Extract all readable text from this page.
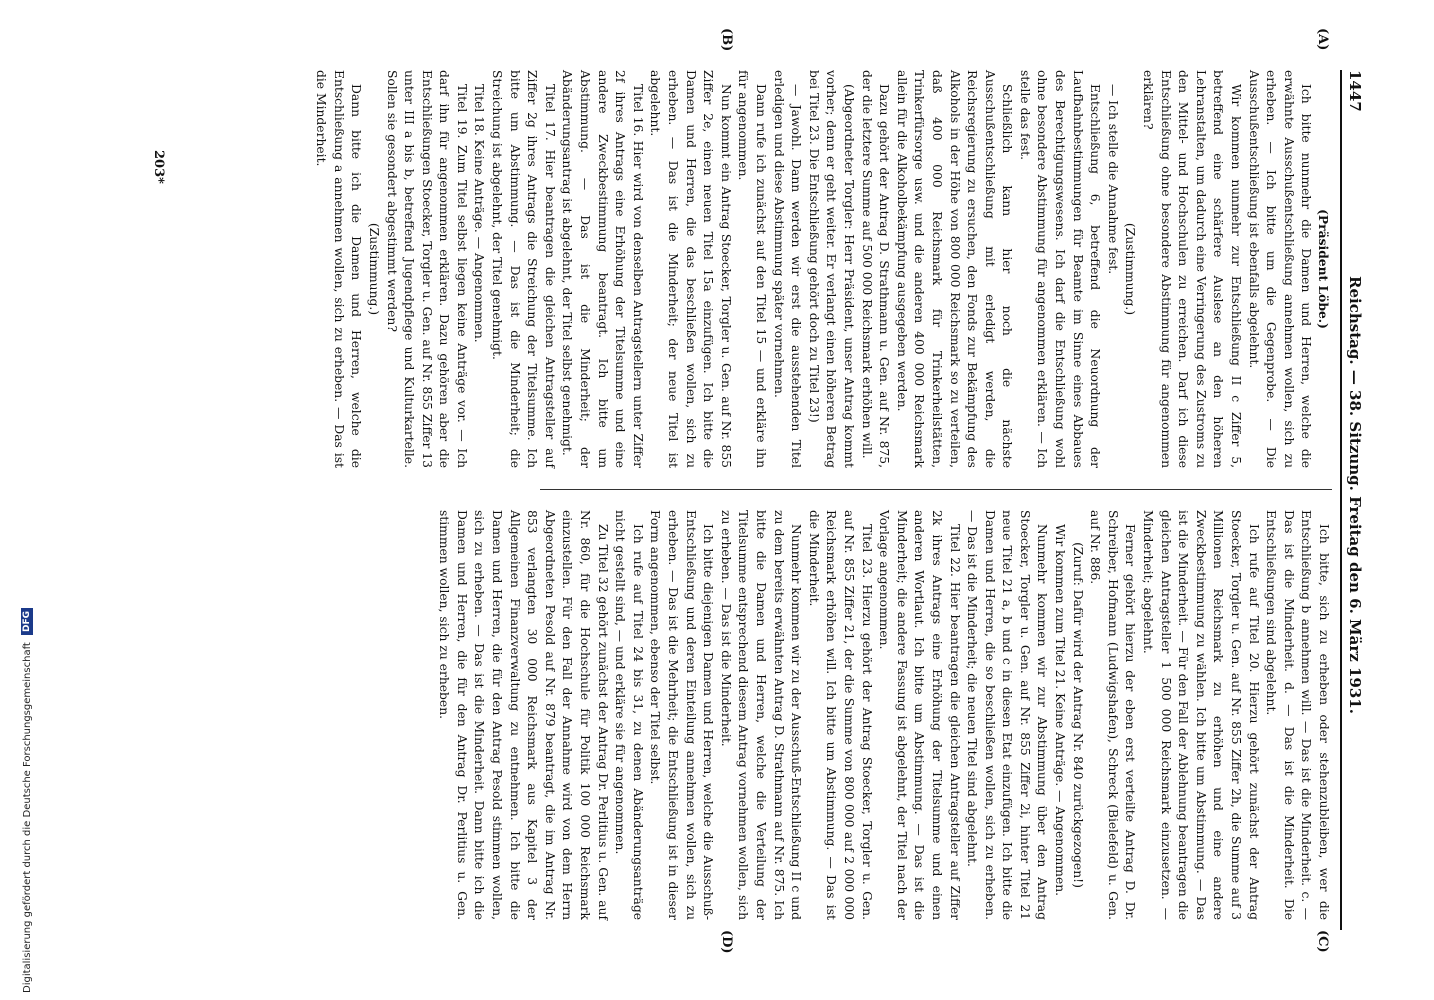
1447
Reichstag. — 38. Sitzung. Freitag den 6. März 1931.
(A)
(B)
(C)
(D)

(Präsident Löbe.)

Ich bitte nunmehr die Damen und Herren, welche die erwähnte Ausschußentschließung annehmen wollen, sich zu erheben. — Ich bitte um die Gegenprobe. — Die Ausschußentschließung ist ebenfalls abgelehnt.

Wir kommen nunmehr zur Entschließung II c Ziffer 5, betreffend eine schärfere Auslese an den höheren Lehranstalten, um dadurch eine Verringerung des Zustroms zu den Mittel- und Hochschulen zu erreichen. Darf ich diese Entschließung ohne besondere Abstimmung für angenommen erklären?

(Zustimmung.)

— Ich stelle die Annahme fest.

Entschließung 6, betreffend die Neuordnung der Laufbahnbestimmungen für Beamte im Sinne eines Abbaues des Berechtigungswesens. Ich darf die Entschließung wohl ohne besondere Abstimmung für angenommen erklären. — Ich stelle das fest.

Schließlich kann hier noch die nächste Ausschußentschließung mit erledigt werden, die Reichsregierung zu ersuchen, den Fonds zur Bekämpfung des Alkohols in der Höhe von 800 000 Reichsmark so zu verteilen, daß 400 000 Reichsmark für Trinkerheilstätten, Trinkerfürsorge usw. und die anderen 400 000 Reichsmark allein für die Alkoholbekämpfung ausgegeben werden.

Dazu gehört der Antrag D. Strathmann u. Gen. auf Nr. 875, der die letztere Summe auf 500 000 Reichsmark erhöhen will.

(Abgeordneter Torgler: Herr Präsident, unser Antrag kommt vorher; denn er geht weiter. Er verlangt einen höheren Betrag bei Titel 23. Die Entschließung gehört doch zu Titel 23!)

— Jawohl. Dann werden wir erst die ausstehenden Titel erledigen und diese Abstimmung später vornehmen.

Dann rufe ich zunächst auf den Titel 15 — und erkläre ihn für angenommen.

Nun kommt ein Antrag Stoecker, Torgler u. Gen. auf Nr. 855 Ziffer 2e, einen neuen Titel 15a einzufügen. Ich bitte die Damen und Herren, die das beschließen wollen, sich zu erheben. — Das ist die Minderheit; der neue Titel ist abgelehnt.

Titel 16. Hier wird von denselben Antragstellern unter Ziffer 2f ihres Antrags eine Erhöhung der Titelsumme und eine andere Zweckbestimmung beantragt. Ich bitte um Abstimmung. — Das ist die Minderheit; der Abänderungsantrag ist abgelehnt, der Titel selbst genehmigt.

Titel 17. Hier beantragen die gleichen Antragsteller auf Ziffer 2g ihres Antrags die Streichung der Titelsumme. Ich bitte um Abstimmung. — Das ist die Minderheit; die Streichung ist abgelehnt, der Titel genehmigt.

Titel 18. Keine Anträge. — Angenommen.

Titel 19. Zum Titel selbst liegen keine Anträge vor. — Ich darf ihn für angenommen erklären. Dazu gehören aber die Entschließungen Stoecker, Torgler u. Gen. auf Nr. 855 Ziffer 13 unter III a bis b, betreffend Jugendpflege und Kulturkartelle. Sollen sie gesondert abgestimmt werden?

(Zustimmung.)

Dann bitte ich die Damen und Herren, welche die Entschließung a annehmen wollen, sich zu erheben. — Das ist die Minderheit.

Ich bitte, sich zu erheben oder stehenzubleiben, wer die Entschließung b annehmen will. — Das ist die Minderheit. c. — Das ist die Minderheit. d. — Das ist die Minderheit. Die Entschließungen sind abgelehnt.

Ich rufe auf Titel 20. Hierzu gehört zunächst der Antrag Stoecker, Torgler u. Gen. auf Nr. 855 Ziffer 2h, die Summe auf 3 Millionen Reichsmark zu erhöhen und eine andere Zweckbestimmung zu wählen. Ich bitte um Abstimmung. — Das ist die Minderheit. — Für den Fall der Ablehnung beantragen die gleichen Antragsteller 1 500 000 Reichsmark einzusetzen. — Minderheit; abgelehnt.

Ferner gehört hierzu der eben erst verteilte Antrag D. Dr. Schreiber, Hofmann (Ludwigshafen), Schreck (Bielefeld) u. Gen. auf Nr. 886.

(Zuruf: Dafür wird der Antrag Nr. 840 zurückgezogen!)

Wir kommen zum Titel 21. Keine Anträge. — Angenommen.

Nunmehr kommen wir zur Abstimmung über den Antrag Stoecker, Torgler u. Gen. auf Nr. 855 Ziffer 2i, hinter Titel 21 neue Titel 21 a, b und c in diesen Etat einzufügen. Ich bitte die Damen und Herren, die so beschließen wollen, sich zu erheben. — Das ist die Minderheit; die neuen Titel sind abgelehnt.

Titel 22. Hier beantragen die gleichen Antragsteller auf Ziffer 2k ihres Antrags eine Erhöhung der Titelsumme und einen anderen Wortlaut. Ich bitte um Abstimmung. — Das ist die Minderheit; die andere Fassung ist abgelehnt, der Titel nach der Vorlage angenommen.

Titel 23. Hierzu gehört der Antrag Stoecker, Torgler u. Gen. auf Nr. 855 Ziffer 21, der die Summe von 800 000 auf 2 000 000 Reichsmark erhöhen will. Ich bitte um Abstimmung. — Das ist die Minderheit.

Nunmehr kommen wir zu der Ausschuß-Entschließung II c und zu dem bereits erwähnten Antrag D. Strathmann auf Nr. 875. Ich bitte die Damen und Herren, welche die Verteilung der Titelsumme entsprechend diesem Antrag vornehmen wollen, sich zu erheben. — Das ist die Minderheit.

Ich bitte diejenigen Damen und Herren, welche die Ausschuß-Entschließung und deren Einteilung annehmen wollen, sich zu erheben. — Das ist die Mehrheit; die Entschließung ist in dieser Form angenommen, ebenso der Titel selbst.

Ich rufe auf Titel 24 bis 31, zu denen Abänderungsanträge nicht gestellt sind, — und erkläre sie für angenommen.

Zu Titel 32 gehört zunächst der Antrag Dr. Perlitius u. Gen. auf Nr. 860, für die Hochschule für Politik 100 000 Reichsmark einzustellen. Für den Fall der Annahme wird von dem Herrn Abgeordneten Pesold auf Nr. 879 beantragt, die im Antrag Nr. 853 verlangten 30 000 Reichsmark aus Kapitel 3 der Allgemeinen Finanzverwaltung zu entnehmen. Ich bitte die Damen und Herren, die für den Antrag Pesold stimmen wollen, sich zu erheben. — Das ist die Minderheit. Dann bitte ich die Damen und Herren, die für den Antrag Dr. Perlitius u. Gen. stimmen wollen, sich zu erheben.

203*
Digitalisierung gefördert durch die Deutsche Forschungsgemeinschaft DFG
